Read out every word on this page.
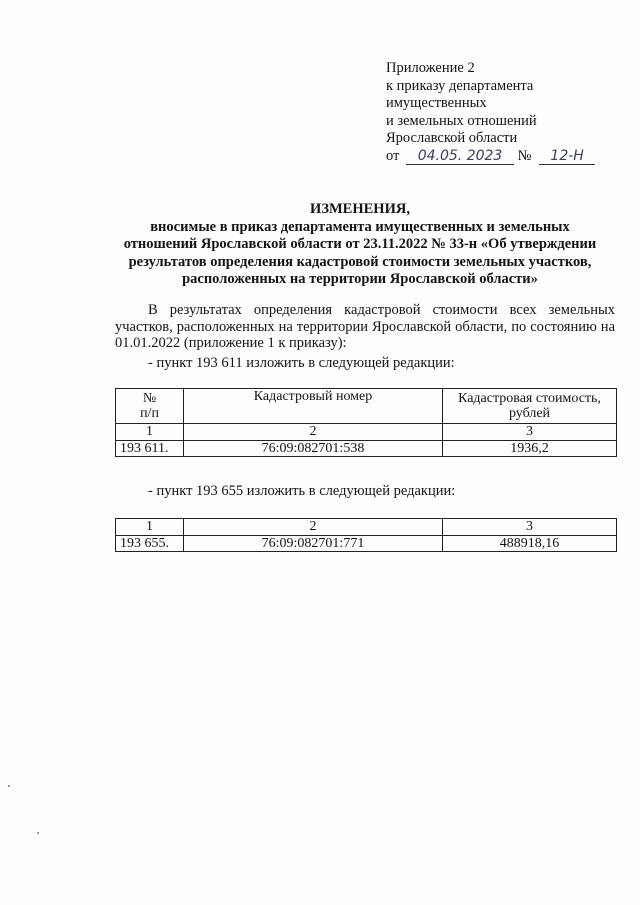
Приложение 2
к приказу департамента
имущественных
и земельных отношений
Ярославской области
от 04.05. 2023 № 12-Н
ИЗМЕНЕНИЯ,
вносимые в приказ департамента имущественных и земельных
отношений Ярославской области от 23.11.2022 № 33-н «Об утверждении
результатов определения кадастровой стоимости земельных участков,
расположенных на территории Ярославской области»
В результатах определения кадастровой стоимости всех земельных участков, расположенных на территории Ярославской области, по состоянию на 01.01.2022 (приложение 1 к приказу):
- пункт 193 611 изложить в следующей редакции:
№
п/п	Кадастровый номер	Кадастровая стоимость,
рублей
1	2	3
193 611.	76:09:082701:538	1936,2
- пункт 193 655 изложить в следующей редакции:
1	2	3
193 655.	76:09:082701:771	488918,16
